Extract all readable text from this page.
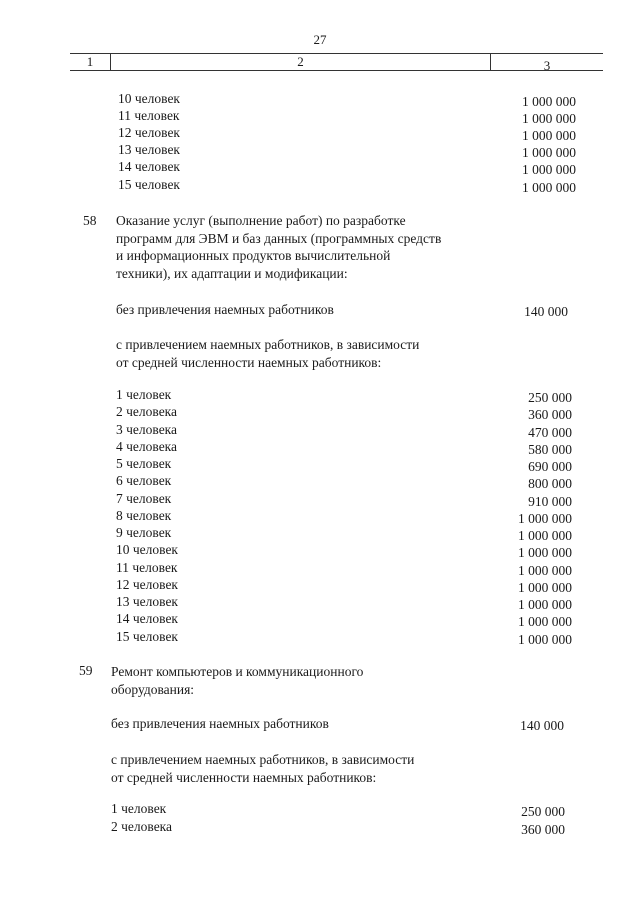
27
1	2	3
10 человек	1 000 000
11 человек	1 000 000
12 человек	1 000 000
13 человек	1 000 000
14 человек	1 000 000
15 человек	1 000 000
58 Оказание услуг (выполнение работ) по разработке
программ для ЭВМ и баз данных (программных средств
и информационных продуктов вычислительной
техники), их адаптации и модификации:
без привлечения наемных работников	140 000
с привлечением наемных работников, в зависимости
от средней численности наемных работников:
1 человек	250 000
2 человека	360 000
3 человека	470 000
4 человека	580 000
5 человек	690 000
6 человек	800 000
7 человек	910 000
8 человек	1 000 000
9 человек	1 000 000
10 человек	1 000 000
11 человек	1 000 000
12 человек	1 000 000
13 человек	1 000 000
14 человек	1 000 000
15 человек	1 000 000
59 Ремонт компьютеров и коммуникационного
оборудования:
без привлечения наемных работников	140 000
с привлечением наемных работников, в зависимости
от средней численности наемных работников:
1 человек	250 000
2 человека	360 000
